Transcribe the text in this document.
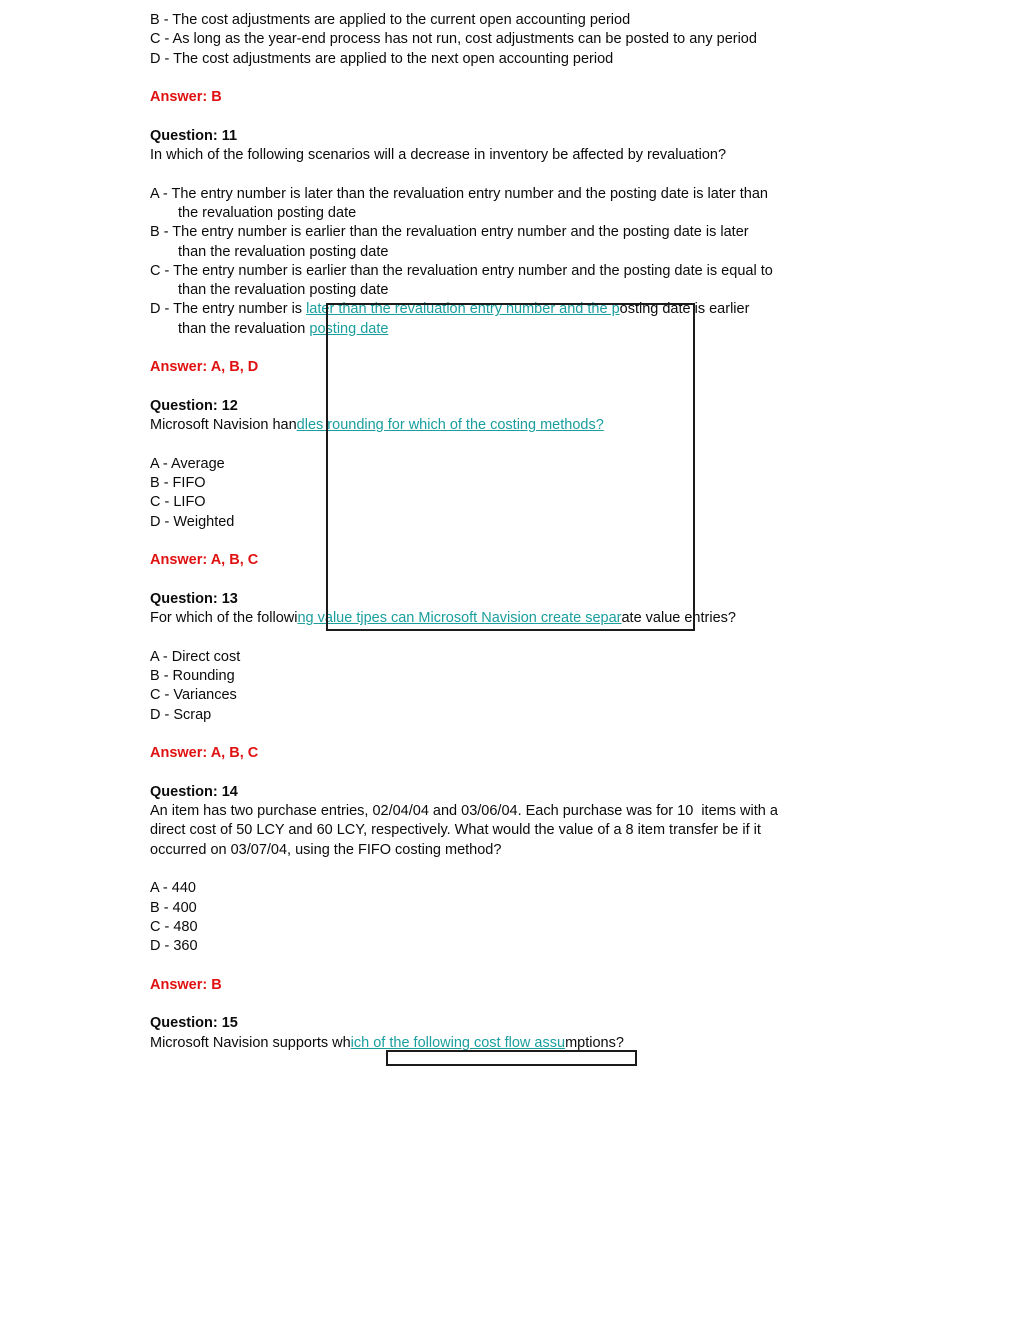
B - The cost adjustments are applied to the current open accounting period
C - As long as the year-end process has not run, cost adjustments can be posted to any period
D - The cost adjustments are applied to the next open accounting period
Answer: B
Question: 11
In which of the following scenarios will a decrease in inventory be affected by revaluation?
A - The entry number is later than the revaluation entry number and the posting date is later than
the revaluation posting date
B - The entry number is earlier than the revaluation entry number and the posting date is later
than the revaluation posting date
C - The entry number is earlier than the revaluation entry number and the posting date is equal to
than the revaluation posting date
D - The entry number is later than the revaluation entry number and the posting date is earlier
than the revaluation posting date
Answer: A, B, D
Question: 12
Microsoft Navision handles rounding for which of the costing methods?
A - Average
B - FIFO
C - LIFO
D - Weighted
Answer: A, B, C
Question: 13
For which of the following value tjpes can Microsoft Navision create separate value entries?
A - Direct cost
B - Rounding
C - Variances
D - Scrap
Answer: A, B, C
Question: 14
An item has two purchase entries, 02/04/04 and 03/06/04. Each purchase was for 10  items with a
direct cost of 50 LCY and 60 LCY, respectively. What would the value of a 8 item transfer be if it
occurred on 03/07/04, using the FIFO costing method?
A - 440
B - 400
C - 480
D - 360
Answer: B
Question: 15
Microsoft Navision supports which of the following cost flow assumptions?
